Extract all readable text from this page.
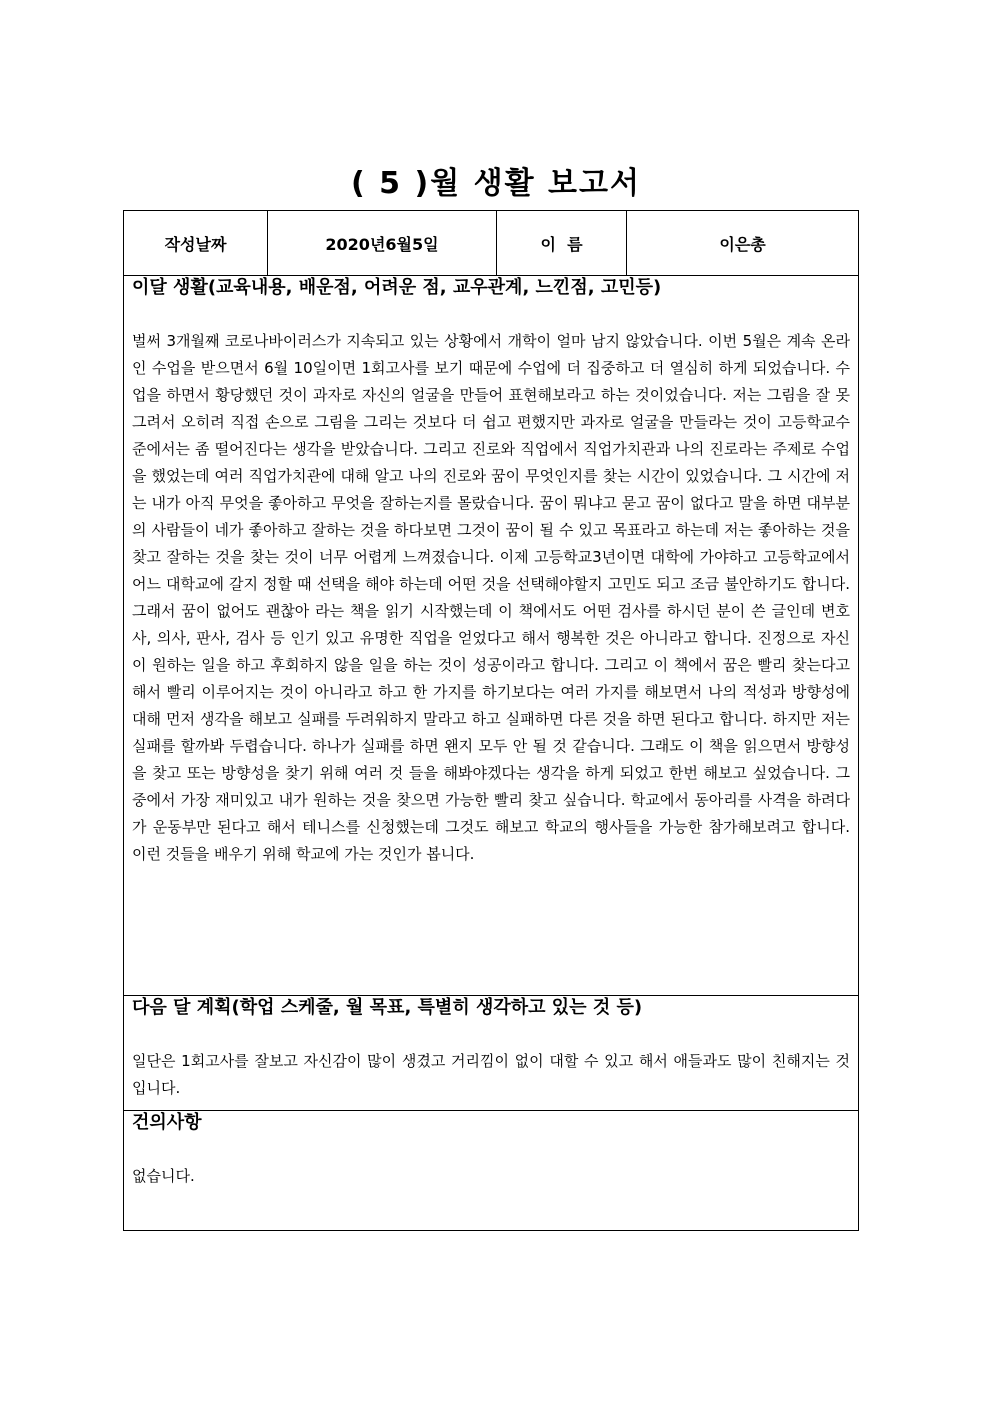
( 5 )월 생활 보고서
작성날짜	2020년6월5일	이  름	이은총

이달 생활(교육내용, 배운점, 어려운 점, 교우관계, 느낀점, 고민등)

벌써 3개월째 코로나바이러스가 지속되고 있는 상황에서 개학이 얼마 남지 않았습니다. 이번 5월은 계속 온라인 수업을 받으면서 6월 10일이면 1회고사를 보기 때문에 수업에 더 집중하고 더 열심히 하게 되었습니다. 수업을 하면서 황당했던 것이 과자로 자신의 얼굴을 만들어 표현해보라고 하는 것이었습니다. 저는 그림을 잘 못 그려서 오히려 직접 손으로 그림을 그리는 것보다 더 쉽고 편했지만 과자로 얼굴을 만들라는 것이 고등학교수준에서는 좀 떨어진다는 생각을 받았습니다. 그리고 진로와 직업에서 직업가치관과 나의 진로라는 주제로 수업을 했었는데 여러 직업가치관에 대해 알고 나의 진로와 꿈이 무엇인지를 찾는 시간이 있었습니다. 그 시간에 저는 내가 아직 무엇을 좋아하고 무엇을 잘하는지를 몰랐습니다. 꿈이 뭐냐고 묻고 꿈이 없다고 말을 하면 대부분의 사람들이 네가 좋아하고 잘하는 것을 하다보면 그것이 꿈이 될 수 있고 목표라고 하는데 저는 좋아하는 것을 찾고 잘하는 것을 찾는 것이 너무 어렵게 느껴졌습니다. 이제 고등학교3년이면 대학에 가야하고 고등학교에서 어느 대학교에 갈지 정할 때 선택을 해야 하는데 어떤 것을 선택해야할지 고민도 되고 조금 불안하기도 합니다. 그래서 꿈이 없어도 괜찮아 라는 책을 읽기 시작했는데 이 책에서도 어떤 검사를 하시던 분이 쓴 글인데 변호사, 의사, 판사, 검사 등 인기 있고 유명한 직업을 얻었다고 해서 행복한 것은 아니라고 합니다. 진정으로 자신이 원하는 일을 하고 후회하지 않을 일을 하는 것이 성공이라고 합니다. 그리고 이 책에서 꿈은 빨리 찾는다고 해서 빨리 이루어지는 것이 아니라고 하고 한 가지를 하기보다는 여러 가지를 해보면서 나의 적성과 방향성에대해 먼저 생각을 해보고 실패를 두려워하지 말라고 하고 실패하면 다른 것을 하면 된다고 합니다. 하지만 저는 실패를 할까봐 두렵습니다. 하나가 실패를 하면 왠지 모두 안 될 것 같습니다. 그래도 이 책을 읽으면서 방향성을 찾고 또는 방향성을 찾기 위해 여러 것 들을 해봐야겠다는 생각을 하게 되었고 한번 해보고 싶었습니다. 그중에서 가장 재미있고 내가 원하는 것을 찾으면 가능한 빨리 찾고 싶습니다. 학교에서 동아리를 사격을 하려다가 운동부만 된다고 해서 테니스를 신청했는데 그것도 해보고 학교의 행사들을 가능한 참가해보려고 합니다. 이런 것들을 배우기 위해 학교에 가는 것인가 봅니다.

다음 달 계획(학업 스케줄, 월 목표, 특별히 생각하고 있는 것 등)

일단은 1회고사를 잘보고 자신감이 많이 생겼고 거리낌이 없이 대할 수 있고 해서 애들과도 많이 친해지는 것 입니다.

건의사항

없습니다.
